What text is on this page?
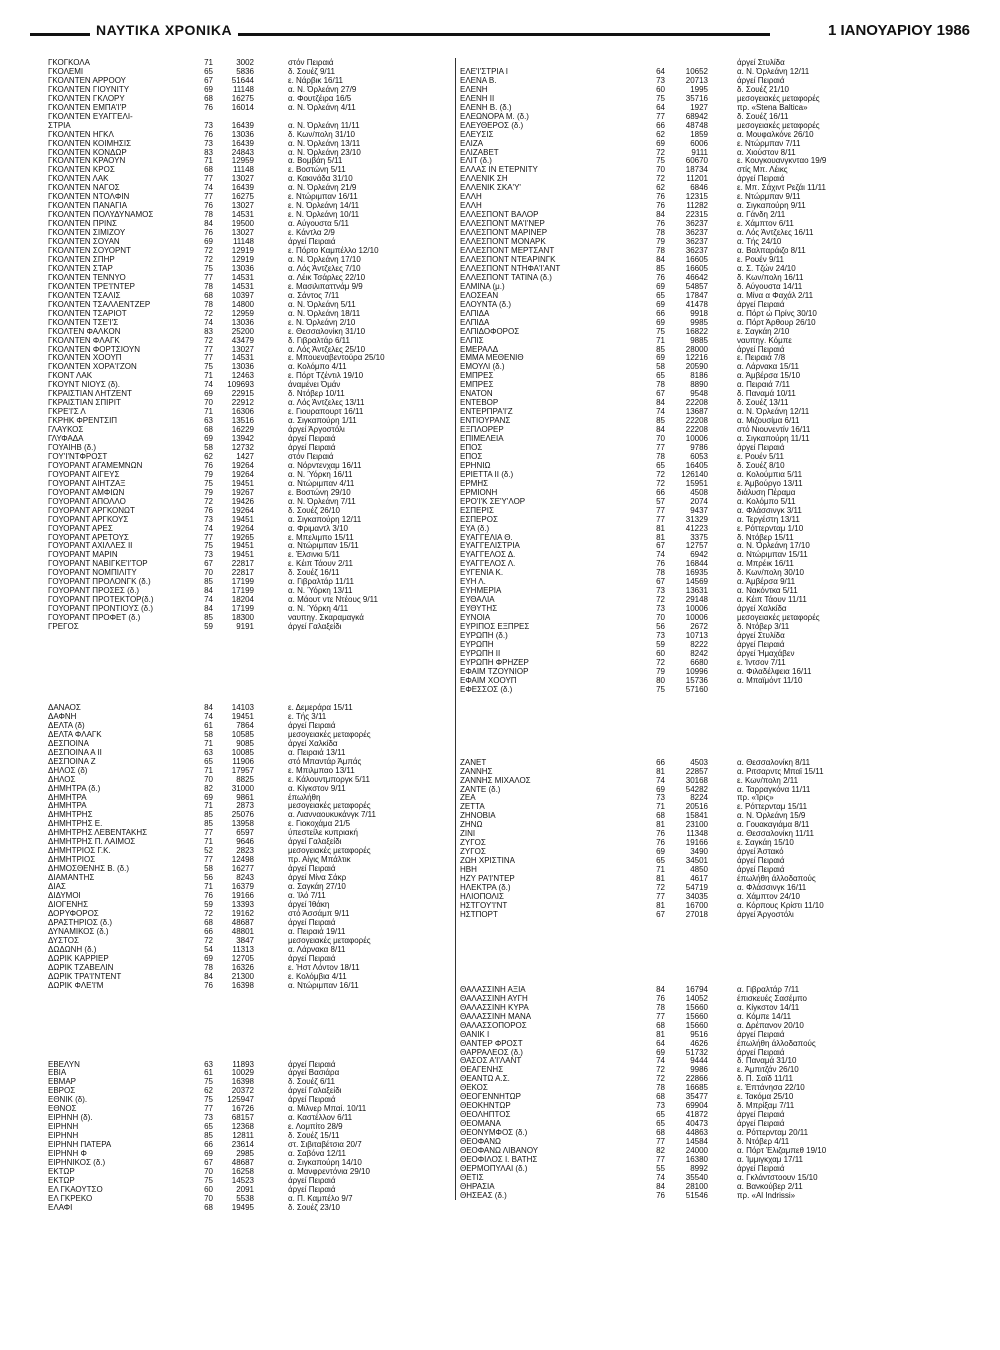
ΝΑΥΤΙΚΑ ΧΡΟΝΙΚΑ	1 ΙΑΝΟΥΑΡΙΟΥ 1986
ΓΚΟΓΚΟΛΑ	71	3002	στόν Πειραιά
ΓΚΟΛΕΜΙ	65	5836	δ. Σουέζ 9/11
ΓΚΟΛΝΤΕΝ ΑΡΡΟΟΥ	67	51644	ε. Νάρβικ 16/11
ΓΚΟΛΝΤΕΝ ΓΙΟΥΝΙΤΥ	69	11148	α. Ν. Όρλεάνη 27/9
ΓΚΟΛΝΤΕΝ ΓΚΛΟΡΥ	68	16275	α. Φουτζέιρα 16/5
ΓΚΟΛΝΤΕΝ ΕΜΠΑ'Ι'Ρ	76	16014	α. Ν. Όρλεάνη 4/11
ΓΚΟΛΝΤΕΝ ΕΥΑΓΓΕΛΙ-
ΣΤΡΙΑ	73	16439	α. Ν. Όρλεάνη 11/11
ΓΚΟΛΝΤΕΝ ΗΓΚΛ	76	13036	δ. Κων/πολη 31/10
ΓΚΟΛΝΤΕΝ ΚΟΙΜΗΣΙΣ	73	16439	α. Ν. Όρλεάνη 13/11
ΓΚΟΛΝΤΕΝ ΚΟΝΔΩΡ	83	24843	α. Ν. Όρλεάνη 23/10
ΓΚΟΛΝΤΕΝ ΚΡΑΟΥΝ	71	12959	α. Βομβάη 5/11
ΓΚΟΛΝΤΕΝ ΚΡΟΣ	68	11148	ε. Βοστώνη 5/11
ΓΚΟΛΝΤΕΝ ΛΑΚ	77	13027	α. Κακινάδα 31/10
ΓΚΟΛΝΤΕΝ ΝΑΓΟΣ	74	16439	α. Ν. Όρλεάνη 21/9
ΓΚΟΛΝΤΕΝ ΝΤΟΛΦΙΝ	77	16275	ε. Ντώριμπαν 16/11
ΓΚΟΛΝΤΕΝ ΠΑΝΑΓΙΑ	76	13027	ε. Ν. Όρλεάνη 14/11
ΓΚΟΛΝΤΕΝ ΠΟΛΥΔΥΝΑΜΟΣ	78	14531	ε. Ν. Όρλεάνη 10/11
ΓΚΟΛΝΤΕΝ ΠΡΙΝΣ	84	19500	α. Αύγουστα 5/11
ΓΚΟΛΝΤΕΝ ΣΙΜΙΖΟΥ	76	13027	ε. Κάντλα 2/9
ΓΚΟΛΝΤΕΝ ΣΟΥΑΝ	69	11148	άργεί Πειραιά
ΓΚΟΛΝΤΕΝ ΣΟΥΟΡΝΤ	72	12919	ε. Πόρτο Καμπέλλο 12/10
ΓΚΟΛΝΤΕΝ ΣΠΗΡ	72	12919	α. Ν. Όρλεάνη 17/10
ΓΚΟΛΝΤΕΝ ΣΤΑΡ	75	13036	α. Λός Άντζελες 7/10
ΓΚΟΛΝΤΕΝ ΤΕΝΝΥΟ	77	14531	α. Λέικ Τσάρλες 22/10
ΓΚΟΛΝΤΕΝ ΤΡΕ'Ι'ΝΤΕΡ	78	14531	ε. Μασιλιπαττνάμ 9/9
ΓΚΟΛΝΤΕΝ ΤΣΑΛΙΣ	68	10397	α. Σάντος 7/11
ΓΚΟΛΝΤΕΝ ΤΣΑΛΛΕΝΤΖΕΡ	78	14800	α. Ν. Όρλεάνη 5/11
ΓΚΟΛΝΤΕΝ ΤΣΑΡΙΟΤ	72	12959	α. Ν. Όρλεάνη 18/11
ΓΚΟΛΝΤΕΝ ΤΣΕ'Ι'Σ	74	13036	ε. Ν. Όρλεάνη 2/10
ΓΚΟΛΤΕΝ ΦΑΛΚΟΝ	83	25200	ε. Θεσσαλονίκη 31/10
ΓΚΟΛΝΤΕΝ ΦΛΑΓΚ	72	43479	δ. Γιβραλτάρ 6/11
ΓΚΟΛΝΤΕΝ ΦΟΡΤΣΙΟΥΝ	77	13027	α. Λός Άντζελες 25/10
ΓΚΟΛΝΤΕΝ ΧΟΟΥΠ	77	14531	ε. Μπουεναβεντούρα 25/10
ΓΚΟΛΝΤΕΝ ΧΟΡΑ'Ι'ΖΟΝ	75	13036	α. Κολόμπο 4/11
ΓΚΟΝΤ ΛΑΚ	71	12463	ε. Πόρτ Τζέντιλ 19/10
ΓΚΟΥΝΤ ΝΙΟΥΣ (δ).	74	109693	άναμένει Όμάν
ΓΚΡΑΙΣΤΙΑΝ ΛΗΤΖΕΝΤ	69	22915	δ. Ντόβερ 10/11
ΓΚΡΑΙΣΤΙΑΝ ΣΠΙΡΙΤ	70	22912	α. Λός Άντζελες 13/11
ΓΚΡΕ'Ι'Σ Λ	71	16306	ε. Γιουραπουρτ 16/11
ΓΚΡΗΚ ΦΡΕΝΤΣΙΠ	63	13516	α. Σιγκαπούρη 1/11
ΓΛΑΥΚΟΣ	68	16229	άργεί Άργοστόλι
ΓΛΥΦΑΔΑ	69	13942	άργεί Πειραιά
ΓΟΥΑΙΗΒ (δ.)	58	12732	άργεί Πειραιά
ΓΟΥ'Ι'ΝΤΦΡΟΣΤ	62	1427	στόν Πειραιά
ΓΟΥΟΡΑΝΤ ΑΓΑΜΕΜΝΩΝ	76	19264	α. Νόρντενχαμ 16/11
ΓΟΥΟΡΑΝΤ ΑΙΓΕΥΣ	79	19264	α. Ν. Ύόρκη 16/11
ΓΟΥΟΡΑΝΤ ΑΙΗΤΖΑΞ	75	19451	α. Ντώριμπαν 4/11
ΓΟΥΟΡΑΝΤ ΑΜΦΙΩΝ	79	19267	ε. Βοστώνη 29/10
ΓΟΥΟΡΑΝΤ ΑΠΟΛΛΟ	72	19426	α. Ν. Όρλεάνη 7/11
ΓΟΥΟΡΑΝΤ ΑΡΓΚΟΝΩΤ	76	19264	δ. Σουέζ 26/10
ΓΟΥΟΡΑΝΤ ΑΡΓΚΟΥΣ	73	19451	α. Σιγκαπούρη 12/11
ΓΟΥΟΡΑΝΤ ΑΡΕΣ	74	19264	α. Φριμαντλ 3/10
ΓΟΥΟΡΑΝΤ ΑΡΕΤΟΥΣ	77	19265	ε. Μπελιμπο 15/11
ΓΟΥΟΡΑΝΤ ΑΧΙΛΛΕΣ ΙΙ	75	19451	α. Ντώριμπαν 15/11
ΓΟΥΟΡΑΝΤ ΜΑΡΙΝ	73	19451	ε. Έλσινκι 5/11
ΓΟΥΟΡΑΝΤ ΝΑΒΙΓΚΕ'Ι'ΤΟΡ	67	22817	ε. Κέιπ Τάουν 2/11
ΓΟΥΟΡΑΝΤ ΝΟΜΠΙΛΙΤΥ	70	22817	δ. Σουέζ 16/11
ΓΟΥΟΡΑΝΤ ΠΡΟΛΟΝΓΚ (δ.)	85	17199	α. Γιβραλτάρ 11/11
ΓΟΥΟΡΑΝΤ ΠΡΟΣΕΣ (δ.)	84	17199	α. Ν. Ύόρκη 13/11
ΓΟΥΟΡΑΝΤ ΠΡΟΤΕΚΤΟΡ(δ.)	74	18204	α. Μάουτ ντε Ντέους 9/11
ΓΟΥΟΡΑΝΤ ΠΡΟΝΤΙΟΥΣ (δ.)	84	17199	α. Ν. Ύόρκη 4/11
ΓΟΥΟΡΑΝΤ ΠΡΟΦΕΤ (δ.)	85	18300	ναυπηγ. Σκαραμαγκά
ΓΡΕΓΟΣ	59	9191	άργεί Γαλαξείδι
ΔΑΝΑΟΣ	84	14103	ε. Δεμεράρα 15/11
ΔΑΦΝΗ	74	19451	ε. Τής 3/11
ΔΕΛΤΑ (δ)	61	7864	άργεί Πειραιά
ΔΕΛΤΑ ΦΛΑΓΚ	58	10585	μεσογειακές μεταφορές
ΔΕΣΠΟΙΝΑ	71	9085	άργεί Χαλκίδα
ΔΕΣΠΟΙΝΑ Α ΙΙ	63	10085	α. Πειραιά 13/11
ΔΕΣΠΟΙΝΑ Ζ	65	11906	στό Μπαντάρ Άμπάς
ΔΗΛΟΣ (δ)	71	17957	ε. Μπιλμπαο 13/11
ΔΗΛΟΣ	70	8825	ε. Κάλουντμποργκ 5/11
ΔΗΜΗΤΡΑ (δ.)	82	31000	α. Κίγκστον 9/11
ΔΗΜΗΤΡΑ	69	9861	έπωλήθη
ΔΗΜΗΤΡΑ	71	2873	μεσογειακές μεταφορές
ΔΗΜΗΤΡΗΣ	85	25076	α. Λιανναουκυκάνγκ 7/11
ΔΗΜΗΤΡΗΣ Ε.	85	13958	ε. Γιοκοχάμα 21/5
ΔΗΜΗΤΡΗΣ ΛΕΒΕΝΤΑΚΗΣ	77	6597	ύπεστείλε κυπριακή
ΔΗΜΗΤΡΗΣ Π. ΛΑΙΜΟΣ	71	9646	άργεί Γαλαξείδι
ΔΗΜΗΤΡΙΟΣ Γ.Κ.	52	2823	μεσογειακές μεταφορές
ΔΗΜΗΤΡΙΟΣ	77	12498	πρ. Αίγις Μπάλτικ
ΔΗΜΟΣΘΕΝΗΣ Β. (δ.)	58	16277	άργεί Πειραιά
ΔΙΑΜΑΝΤΗΣ	56	8243	άργεί Μίνα Σάκρ
ΔΙΑΣ	71	16379	α. Σαγκάη 27/10
ΔΙΔΥΜΟΙ	76	19166	α. Ίλό 7/11
ΔΙΟΓΕΝΗΣ	59	13393	άργεί Ίθάκη
ΔΟΡΥΦΟΡΟΣ	72	19162	στό Άσσάμπ 9/11
ΔΡΑΣΤΗΡΙΟΣ (δ.)	68	48687	άργεί Πειραιά
ΔΥΝΑΜΙΚΟΣ (δ.)	66	48801	α. Πειραιά 19/11
ΔΥΣΤΟΣ	72	3847	μεσογειακές μεταφορές
ΔΩΔΩΝΗ (δ.)	54	11313	α. Λάρνακα 8/11
ΔΩΡΙΚ ΚΑΡΡΙΕΡ	69	12705	άργεί Πειραιά
ΔΩΡΙΚ ΤΖΑΒΕΛΙΝ	78	16326	ε. Ήστ Λόντον 18/11
ΔΩΡΙΚ ΤΡΑ'Ι'ΝΤΕΝΤ	84	21300	ε. Κολόμβια 4/11
ΔΩΡΙΚ ΦΛΕ'Ι'Μ	76	16398	α. Ντώριμπαν 16/11
ΕΒΕΛΥΝ	63	11893	άργεί Πειραιά
ΕΒΙΑ	61	10029	άργεί Βασιάρα
ΕΒΜΑΡ	75	16398	δ. Σουέζ 6/11
ΕΒΡΟΣ	62	20372	άργεί Γαλαξείδι
ΕΘΝΙΚ (δ).	75	125947	άργεί Πειραιά
ΕΘΝΟΣ	77	16726	α. Μιλνερ Μπαί. 10/11
ΕΙΡΗΝΗ (δ).	73	68157	α. Καστέλλον 6/11
ΕΙΡΗΝΗ	65	12368	ε. Λομπίτο 28/9
ΕΙΡΗΝΗ	85	12811	δ. Σουέζ 15/11
ΕΙΡΗΝΗ ΠΑΤΕΡΑ	66	23614	στ. Σιβιταβέτσια 20/7
ΕΙΡΗΝΗ Φ	69	2985	α. Σαβόνα 12/11
ΕΙΡΗΝΙΚΟΣ (δ.)	67	48687	α. Σιγκαπούρη 14/10
ΕΚΤΩΡ	70	16258	α. Μανφρεντόνια 29/10
ΕΚΤΩΡ	75	14523	άργεί Πειραιά
ΕΛ ΓΚΑΟΥΤΣΟ	60	2091	άργεί Πειραιά
ΕΛ ΓΚΡΕΚΟ	70	5538	α. Π. Καμπέλο 9/7
ΕΛΑΦΙ	68	19495	δ. Σουέζ 23/10
άργεί Στυλίδα
ΕΛΕ'Ι'ΣΤΡΙΑ Ι	64	10652	α. Ν. Όρλεάνη 12/11
ΕΛΕΝΑ Β.	73	20713	άργεί Πειραιά
ΕΛΕΝΗ	60	1995	δ. Σουέζ 21/10
ΕΛΕΝΗ ΙΙ	75	35716	μεσογειακές μεταφορές
ΕΛΕΝΗ Β. (δ.)	64	1927	πρ. «Stena Baltica»
ΕΛΕΩΝΟΡΑ Μ. (δ.)	77	68942	δ. Σουέζ 16/11
ΕΛΕΥΘΕΡΟΣ (δ.)	66	48748	μεσογειακές μεταφορές
ΕΛΕΥΣΙΣ	62	1859	α. Μουφαλκόνε 26/10
ΕΛΙΖΑ	69	6006	ε. Ντώρμπαν 7/11
ΕΛΙΖΑΒΕΤ	72	9111	α. Χιούστον 8/11
ΕΛΙΤ (δ.)	75	60670	ε. Κουγκουανγκνταο 19/9
ΕΛΛΑΣ ΙΝ ΕΤΕΡΝΙΤΥ	70	18734	στίς Μπ. Λέικς
ΕΛΛΕΝΙΚ ΣΗ	72	11201	άργεί Πειραιά
ΕΛΛΕΝΙΚ ΣΚΑ'Υ'	62	6846	ε. Μπ. Σάχιντ Ρεζάι 11/11
ΕΛΛΗ	76	12315	ε. Ντώρμπαν 9/11
ΕΛΛΗ	76	11282	α. Σιγκαπούρη 9/11
ΕΛΛΕΣΠΟΝΤ ΒΑΛΟΡ	84	22315	α. Γάνδη 2/11
ΕΛΛΕΣΠΟΝΤ ΜΑ'Ι'ΝΕΡ	76	36237	ε. Χάμπτον 6/11
ΕΛΛΕΣΠΟΝΤ ΜΑΡΙΝΕΡ	78	36237	α. Λός Άντζελες 16/11
ΕΛΛΕΣΠΟΝΤ ΜΟΝΑΡΚ	79	36237	α. Τής 24/10
ΕΛΛΕΣΠΟΝΤ ΜΕΡΤΣΑΝΤ	78	36237	α. Βαλπαράιζο 8/11
ΕΛΛΕΣΠΟΝΤ ΝΤΕΑΡΙΝΓΚ	84	16605	ε. Ρουέν 9/11
ΕΛΛΕΣΠΟΝΤ ΝΤΗΦΑ'Ι'ΑΝΤ	85	16605	α. Σ. Τζών 24/10
ΕΛΛΕΣΠΟΝΤ ΤΑΤΙΝΑ (δ.)	76	46642	δ. Κων/πολη 16/11
ΕΛΜΙΝΑ (μ.)	69	54857	δ. Αύγουστα 14/11
ΕΛΟΣΕΑΝ	65	17847	α. Μίνα α Φαχάλ 2/11
ΕΛΟΥΝΤΑ (δ.)	69	41478	άργεί Πειραιά
ΕΛΠΙΔΑ	66	9918	α. Πόρτ ώ Πρίνς 30/10
ΕΛΠΙΔΑ	69	9985	α. Πόρτ Άρθουρ 26/10
ΕΛΠΙΔΟΦΟΡΟΣ	75	16822	ε. Σαγκάη 2/10
ΕΛΠΙΣ	71	9885	ναυπηγ. Κόμπε
ΕΜΕΡΑΛΔ	85	28000	άργεί Πειραιά
ΕΜΜΑ ΜΕΘΕΝΙΘ	69	12216	ε. Πειραιά 7/8
ΕΜΟΥΛΙ (δ.)	58	20590	α. Λάρνακα 15/11
ΕΜΠΡΕΣ	65	8186	α. Άμβέρσα 15/10
ΕΜΠΡΕΣ	78	8890	α. Πειραιά 7/11
ΕΝΑΤΟΝ	67	9548	δ. Παναμά 10/11
ΕΝΤΕΒΟΡ	84	22208	δ. Σουέζ 13/11
ΕΝΤΕΡΠΡΑ'Ι'Ζ	74	13687	α. Ν. Όρλεάνη 12/11
ΕΝΤΙΟΥΡΑΝΣ	85	22208	α. Μιζουσίμα 6/11
ΕΞΠΛΟΡΕΡ	84	22208	στό Νιουνεντίν 16/11
ΕΠΙΜΕΛΕΙΑ	70	10006	α. Σιγκαπούρη 11/11
ΕΠΟΣ	77	9786	άργεί Πειραιά
ΕΠΟΣ	78	6053	ε. Ρουέν 5/11
ΕΡΗΝΙΩ	65	16405	δ. Σουέζ 8/10
ΕΡΙΕΤΤΑ ΙΙ (δ.)	72	126140	α. Κολούμπια 5/11
ΕΡΜΗΣ	72	15951	ε. Άμβούργο 13/11
ΕΡΜΙΟΝΗ	66	4508	διάλυση Πέραμα
ΕΡΟ'Ι'Κ ΣΕ'Υ'ΛΟΡ	57	2074	α. Κολόμπο 5/11
ΕΣΠΕΡΙΣ	77	9437	α. Φλάσσινγκ 3/11
ΕΣΠΕΡΟΣ	77	31329	α. Τεργέστη 13/11
ΕΥΑ (δ.)	81	41223	ε. Ρόττερνταμ 1/10
ΕΥΑΓΓΕΛΙΑ Θ.	81	3375	δ. Ντόβερ 15/11
ΕΥΑΓΓΕΛΙΣΤΡΙΑ	67	12757	α. Ν. Όρλεάνη 17/10
ΕΥΑΓΓΕΛΟΣ Δ.	74	6942	α. Ντώριμπαν 15/11
ΕΥΑΓΓΕΛΟΣ Λ.	76	16844	α. Μπρέικ 16/11
ΕΥΓΕΝΙΑ Κ.	78	16935	δ. Κων/πολη 30/10
ΕΥΗ Λ.	67	14569	α. Άμβέρσα 9/11
ΕΥΗΜΕΡΙΑ	73	13631	α. Νακόντκα 5/11
ΕΥΘΑΛΙΑ	72	29148	α. Κέιπ Τάουν 11/11
ΕΥΘΥΤΗΣ	73	10006	άργεί Χαλκίδα
ΕΥΝΟΙΑ	70	10006	μεσογειακές μεταφορές
ΕΥΡΙΠΟΣ ΕΞΠΡΕΣ	56	2672	δ. Ντόβερ 3/11
ΕΥΡΩΠΗ (δ.)	73	10713	άργεί Στυλίδα
ΕΥΡΩΠΗ	59	8222	άργεί Πειραιά
ΕΥΡΩΠΗ ΙΙ	60	8242	άργεί Ήμαχάβεν
ΕΥΡΩΠΗ ΦΡΗΖΕΡ	72	6680	ε. Ίντσον 7/11
ΕΦΑΙΜ ΤΖΟΥΝΙΟΡ	79	10996	α. Φιλαδέλφεια 16/11
ΕΦΑΙΜ ΧΟΟΥΠ	80	15736	α. Μπαϊμόντ 11/10
ΕΦΕΣΣΟΣ (δ.)	75	57160
ΖΑΝΕΤ	66	4503	α. Θεσσαλονίκη 8/11
ΖΑΝΝΗΣ	81	22857	α. Ριτσαρντς Μπαϊ 15/11
ΖΑΝΝΗΣ ΜΙΧΑΛΟΣ	74	30168	ε. Κων/πολη 2/11
ΖΑΝΤΕ (δ.)	69	54282	α. Ταρραγκόνα 11/11
ΖΕΑ	73	8224	πρ. «Ίρις»
ΖΕΤΤΑ	71	20516	ε. Ρόττερνταμ 15/11
ΖΗΝΟΒΙΑ	68	15841	α. Ν. Όρλεάνη 15/9
ΖΗΝΩ	81	23100	α. Γουακαγιάμα 8/11
ΖΙΝΙ	76	11348	α. Θεσσαλονίκη 11/11
ΖΥΓΟΣ	76	19166	ε. Σαγκάη 15/10
ΖΥΓΟΣ	69	3490	άργεί Άστακό
ΖΩΗ ΧΡΙΣΤΙΝΑ	65	34501	άργεί Πειραιά
ΗΒΗ	71	4850	άργεί Πειραιά
ΗΖΥ ΡΑ'Ι'ΝΤΕΡ	81	4617	έπωλήθη άλλοδαπούς
ΗΛΕΚΤΡΑ (δ.)	72	54719	α. Φλάσσινγκ 16/11
ΗΛΙΟΠΟΛΙΣ	77	34035	α. Χάμπτον 24/10
ΗΣΤΓΟΥ'Ι'ΝΤ	81	16700	α. Κόρπους Κρίστι 11/10
ΗΣΤΠΟΡΤ	67	27018	άργεί Άργοστόλι
ΘΑΛΑΣΣΙΝΗ ΑΞΙΑ	84	16794	α. Γιβραλτάρ 7/11
ΘΑΛΑΣΣΙΝΗ ΑΥΓΗ	76	14052	έπισκευές Σασέμπο
ΘΑΛΑΣΣΙΝΗ ΚΥΡΑ	78	15660	α. Κίγκστον 14/11
ΘΑΛΑΣΣΙΝΗ ΜΑΝΑ	77	15660	α. Κόμπε 14/11
ΘΑΛΑΣΣΟΠΟΡΟΣ	68	15660	α. Δρέπανον 20/10
ΘΑΝΙΚ Ι	81	9516	άργεί Πειραιά
ΘΑΝΤΕΡ ΦΡΟΣΤ	64	4626	έπωλήθη άλλοδαπούς
ΘΑΡΡΑΛΕΟΣ (δ.)	69	51732	άργεί Πειραιά
ΘΑΣΟΣ Α'Ι'ΛΑΝΤ	74	9444	δ. Παναμά 31/10
ΘΕΑΓΕΝΗΣ	72	9986	ε. Άμπιτζάν 26/10
ΘΕΑΝΤΩ Α.Σ.	72	22866	δ. Π. Σαϊδ 11/11
ΘΕΚΟΣ	78	16685	ε. Έπτάνησα 22/10
ΘΕΟΓΕΝΝΗΤΩΡ	68	35477	ε. Τακόμα 25/10
ΘΕΟΚΗΝΤΩΡ	73	69904	δ. Μπρίξαμ 7/11
ΘΕΟΛΗΠΤΟΣ	65	41872	άργεί Πειραιά
ΘΕΟΜΑΝΑ	65	40473	άργεί Πειραιά
ΘΕΟΝΥΜΦΟΣ (δ.)	68	44863	α. Ρόττερνταμ 20/11
ΘΕΟΦΑΝΩ	77	14584	δ. Ντόβερ 4/11
ΘΕΟΦΑΝΩ ΛΙΒΑΝΟΥ	82	24000	α. Πόρτ Έλιζαμπεθ 19/10
ΘΕΟΦΙΛΟΣ Ι. ΒΑΤΗΣ	77	16380	α. Ίμμιγκχαμ 17/11
ΘΕΡΜΟΠΥΛΑΙ (δ.)	55	8992	άργεί Πειραιά
ΘΕΤΙΣ	74	35540	α. Γκλάντστοουν 15/10
ΘΗΡΑΣΙΑ	84	28100	α. Βανκούβερ 2/11
ΘΗΣΕΑΣ (δ.)	76	51546	πρ. «Al Indrissi»
